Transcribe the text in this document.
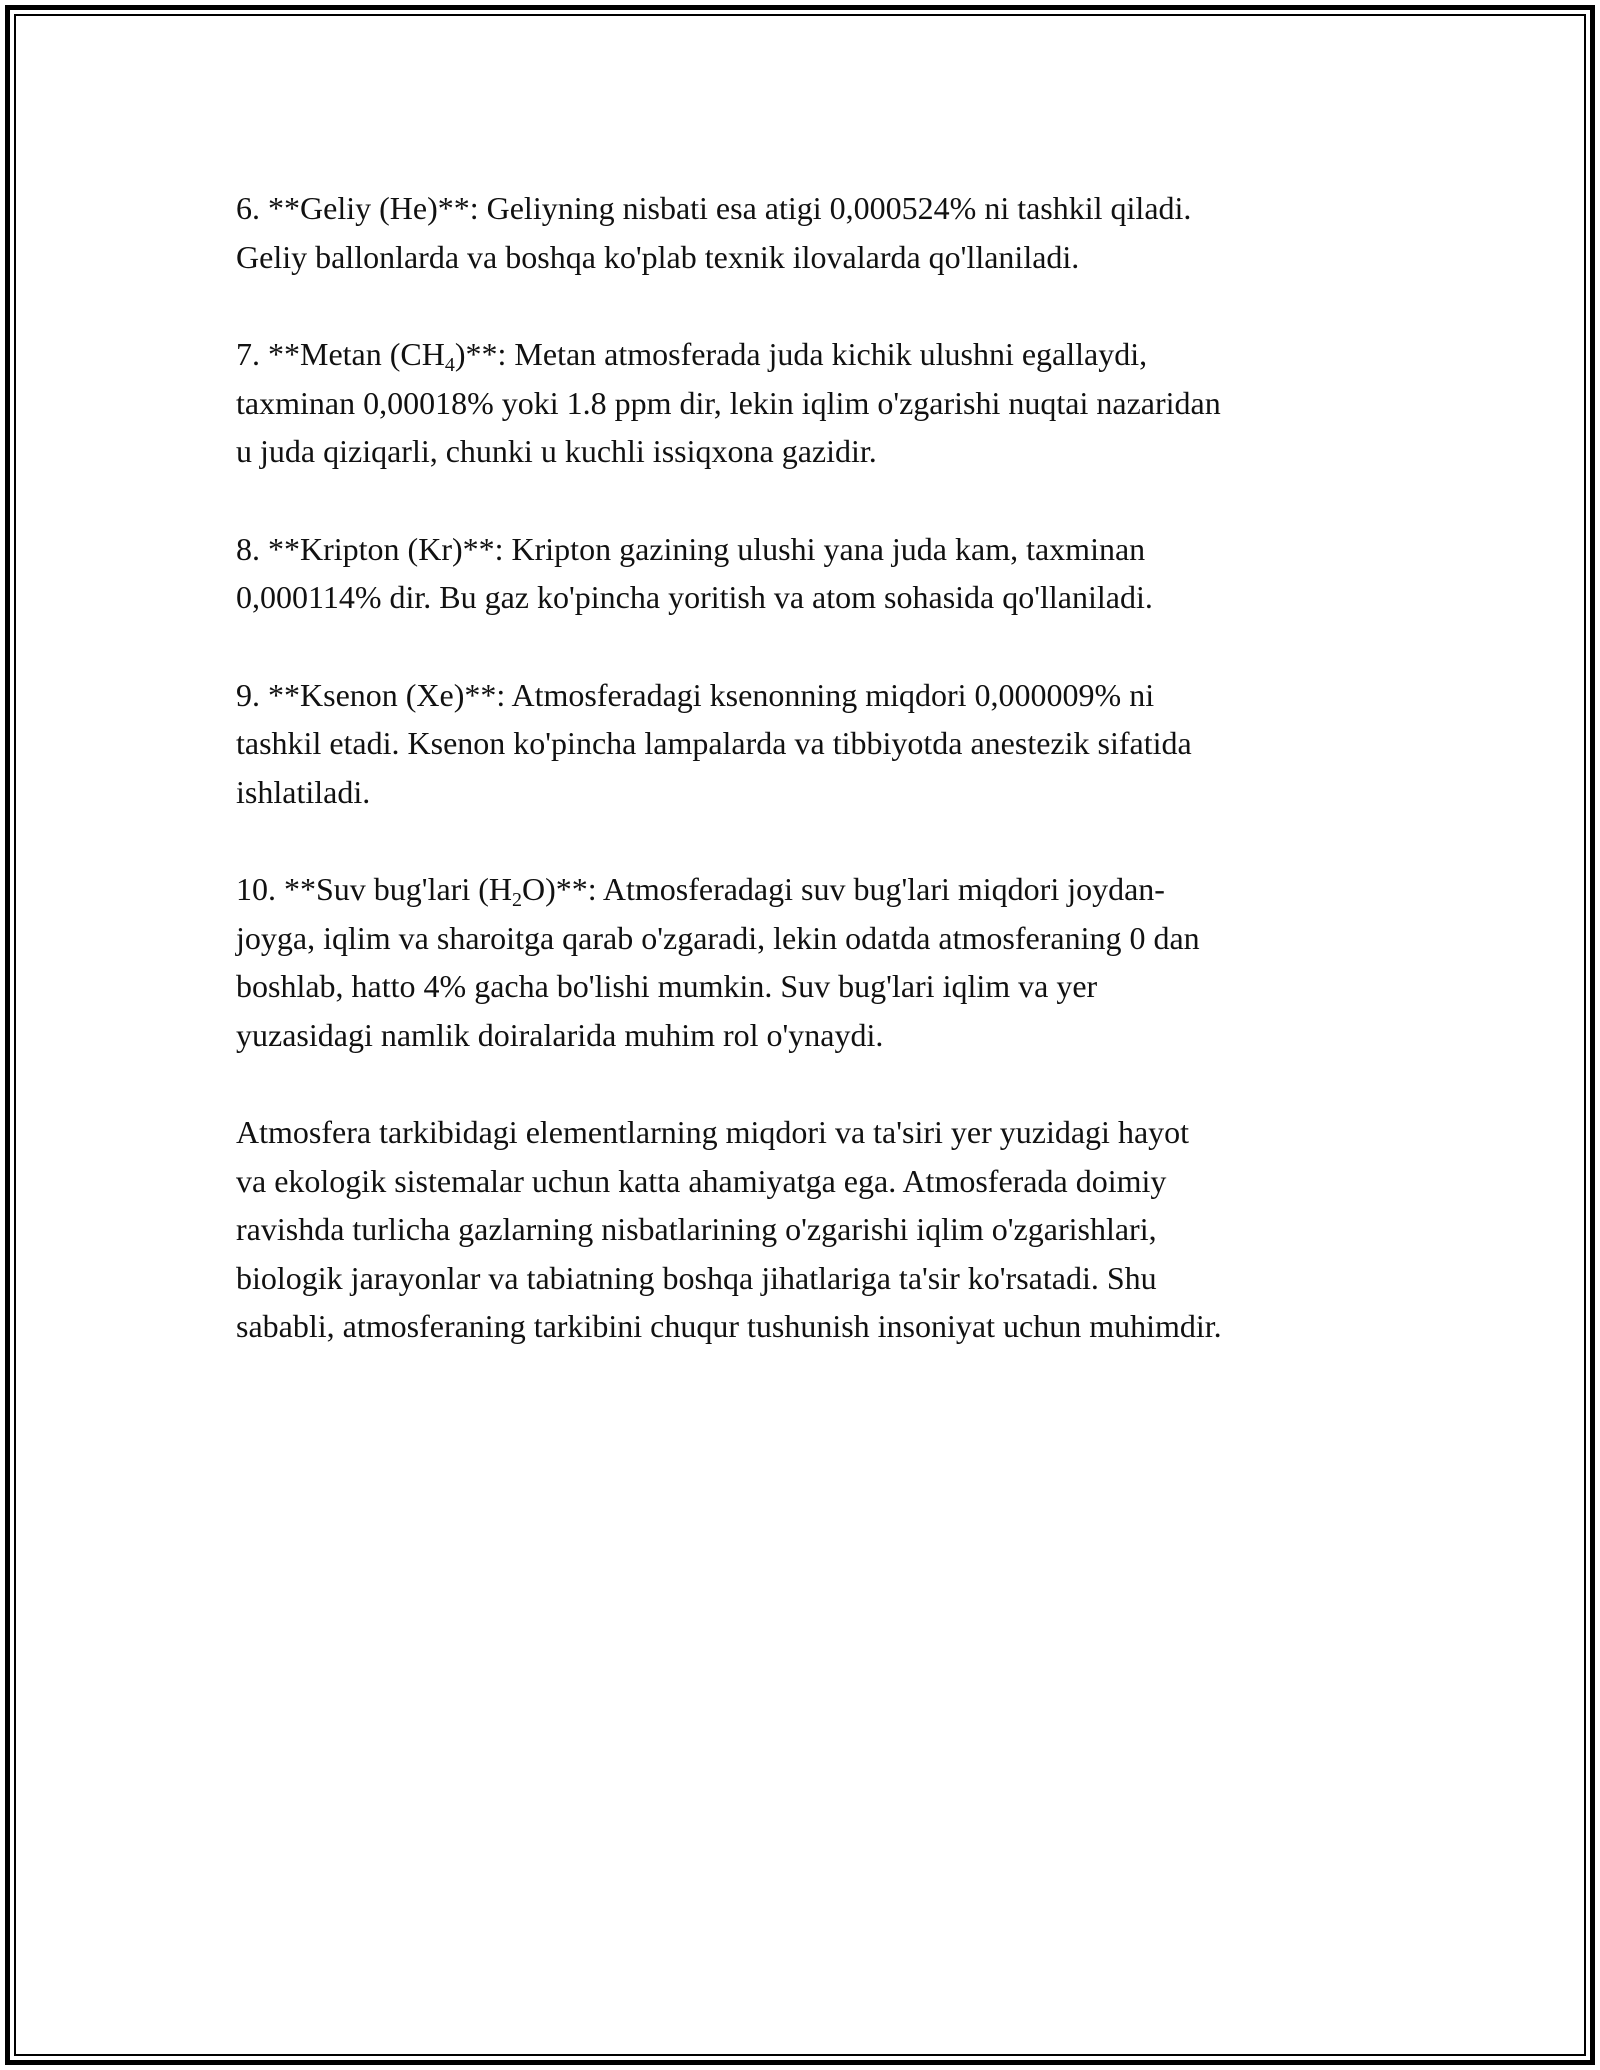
6. **Geliy (He)**: Geliyning nisbati esa atigi 0,000524% ni tashkil qiladi.
Geliy ballonlarda va boshqa ko'plab texnik ilovalarda qo'llaniladi.

7. **Metan $(CH_4)**$: Metan atmosferada juda kichik ulushni egallaydi,
taxminan 0,00018% yoki 1.8 ppm dir, lekin iqlim o'zgarishi nuqtai nazaridan
u juda qiziqarli, chunki u kuchli issiqxona gazidir.

8. **Kripton (Kr)**: Kripton gazining ulushi yana juda kam, taxminan
0,000114% dir. Bu gaz ko'pincha yoritish va atom sohasida qo'llaniladi.

9. **Ksenon (Xe)**: Atmosferadagi ksenonning miqdori 0,000009% ni
tashkil etadi. Ksenon ko'pincha lampalarda va tibbiyotda anestezik sifatida
ishlatiladi.

10. **Suv bug'lari $(H_2O)**$: Atmosferadagi suv bug'lari miqdori joydan-
joyga, iqlim va sharoitga qarab o'zgaradi, lekin odatda atmosferaning 0 dan
boshlab, hatto 4% gacha bo'lishi mumkin. Suv bug'lari iqlim va yer
yuzasidagi namlik doiralarida muhim rol o'ynaydi.

Atmosfera tarkibidagi elementlarning miqdori va ta'siri yer yuzidagi hayot
va ekologik sistemalar uchun katta ahamiyatga ega. Atmosferada doimiy
ravishda turlicha gazlarning nisbatlarining o'zgarishi iqlim o'zgarishlari,
biologik jarayonlar va tabiatning boshqa jihatlariga ta'sir ko'rsatadi. Shu
sababli, atmosferaning tarkibini chuqur tushunish insoniyat uchun muhimdir.
